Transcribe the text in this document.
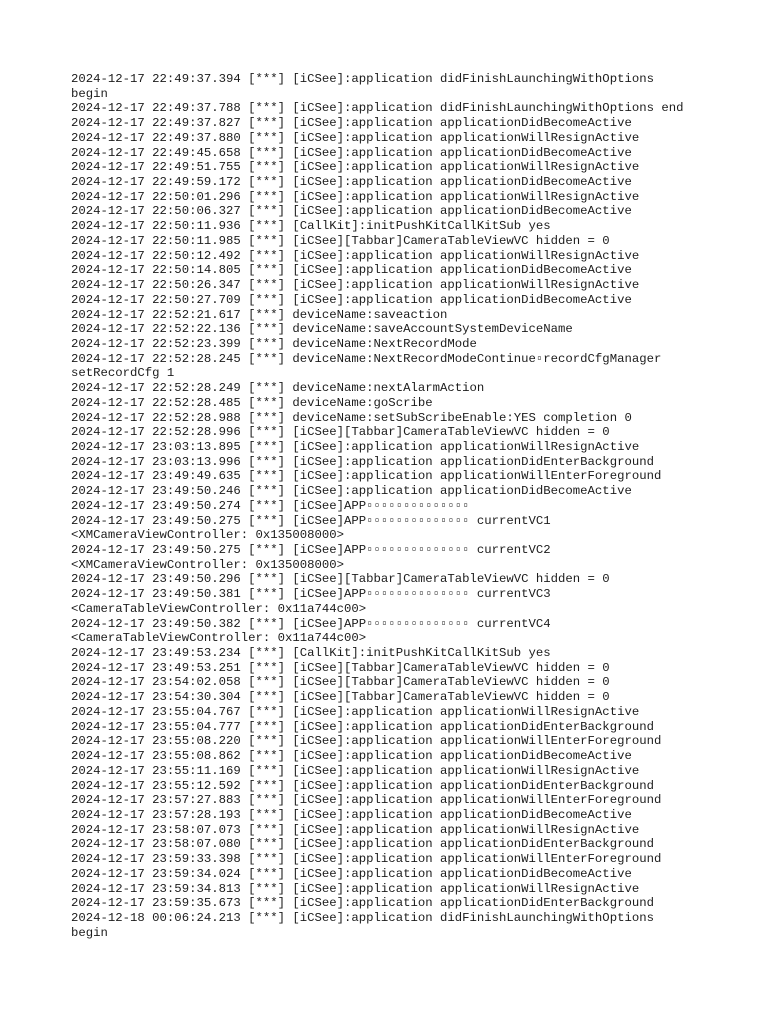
2024-12-17 22:49:37.394 [***] [iCSee]:application didFinishLaunchingWithOptions
begin
2024-12-17 22:49:37.788 [***] [iCSee]:application didFinishLaunchingWithOptions end
2024-12-17 22:49:37.827 [***] [iCSee]:application applicationDidBecomeActive
2024-12-17 22:49:37.880 [***] [iCSee]:application applicationWillResignActive
2024-12-17 22:49:45.658 [***] [iCSee]:application applicationDidBecomeActive
2024-12-17 22:49:51.755 [***] [iCSee]:application applicationWillResignActive
2024-12-17 22:49:59.172 [***] [iCSee]:application applicationDidBecomeActive
2024-12-17 22:50:01.296 [***] [iCSee]:application applicationWillResignActive
2024-12-17 22:50:06.327 [***] [iCSee]:application applicationDidBecomeActive
2024-12-17 22:50:11.936 [***] [CallKit]:initPushKitCallKitSub yes
2024-12-17 22:50:11.985 [***] [iCSee][Tabbar]CameraTableViewVC hidden = 0
2024-12-17 22:50:12.492 [***] [iCSee]:application applicationWillResignActive
2024-12-17 22:50:14.805 [***] [iCSee]:application applicationDidBecomeActive
2024-12-17 22:50:26.347 [***] [iCSee]:application applicationWillResignActive
2024-12-17 22:50:27.709 [***] [iCSee]:application applicationDidBecomeActive
2024-12-17 22:52:21.617 [***] deviceName:saveaction
2024-12-17 22:52:22.136 [***] deviceName:saveAccountSystemDeviceName
2024-12-17 22:52:23.399 [***] deviceName:NextRecordMode
2024-12-17 22:52:28.245 [***] deviceName:NextRecordModeContinue▫recordCfgManager
setRecordCfg 1
2024-12-17 22:52:28.249 [***] deviceName:nextAlarmAction
2024-12-17 22:52:28.485 [***] deviceName:goScribe
2024-12-17 22:52:28.988 [***] deviceName:setSubScribeEnable:YES completion 0
2024-12-17 22:52:28.996 [***] [iCSee][Tabbar]CameraTableViewVC hidden = 0
2024-12-17 23:03:13.895 [***] [iCSee]:application applicationWillResignActive
2024-12-17 23:03:13.996 [***] [iCSee]:application applicationDidEnterBackground
2024-12-17 23:49:49.635 [***] [iCSee]:application applicationWillEnterForeground
2024-12-17 23:49:50.246 [***] [iCSee]:application applicationDidBecomeActive
2024-12-17 23:49:50.274 [***] [iCSee]APP▫▫▫▫▫▫▫▫▫▫▫▫▫▫
2024-12-17 23:49:50.275 [***] [iCSee]APP▫▫▫▫▫▫▫▫▫▫▫▫▫▫ currentVC1
<XMCameraViewController: 0x135008000>
2024-12-17 23:49:50.275 [***] [iCSee]APP▫▫▫▫▫▫▫▫▫▫▫▫▫▫ currentVC2
<XMCameraViewController: 0x135008000>
2024-12-17 23:49:50.296 [***] [iCSee][Tabbar]CameraTableViewVC hidden = 0
2024-12-17 23:49:50.381 [***] [iCSee]APP▫▫▫▫▫▫▫▫▫▫▫▫▫▫ currentVC3
<CameraTableViewController: 0x11a744c00>
2024-12-17 23:49:50.382 [***] [iCSee]APP▫▫▫▫▫▫▫▫▫▫▫▫▫▫ currentVC4
<CameraTableViewController: 0x11a744c00>
2024-12-17 23:49:53.234 [***] [CallKit]:initPushKitCallKitSub yes
2024-12-17 23:49:53.251 [***] [iCSee][Tabbar]CameraTableViewVC hidden = 0
2024-12-17 23:54:02.058 [***] [iCSee][Tabbar]CameraTableViewVC hidden = 0
2024-12-17 23:54:30.304 [***] [iCSee][Tabbar]CameraTableViewVC hidden = 0
2024-12-17 23:55:04.767 [***] [iCSee]:application applicationWillResignActive
2024-12-17 23:55:04.777 [***] [iCSee]:application applicationDidEnterBackground
2024-12-17 23:55:08.220 [***] [iCSee]:application applicationWillEnterForeground
2024-12-17 23:55:08.862 [***] [iCSee]:application applicationDidBecomeActive
2024-12-17 23:55:11.169 [***] [iCSee]:application applicationWillResignActive
2024-12-17 23:55:12.592 [***] [iCSee]:application applicationDidEnterBackground
2024-12-17 23:57:27.883 [***] [iCSee]:application applicationWillEnterForeground
2024-12-17 23:57:28.193 [***] [iCSee]:application applicationDidBecomeActive
2024-12-17 23:58:07.073 [***] [iCSee]:application applicationWillResignActive
2024-12-17 23:58:07.080 [***] [iCSee]:application applicationDidEnterBackground
2024-12-17 23:59:33.398 [***] [iCSee]:application applicationWillEnterForeground
2024-12-17 23:59:34.024 [***] [iCSee]:application applicationDidBecomeActive
2024-12-17 23:59:34.813 [***] [iCSee]:application applicationWillResignActive
2024-12-17 23:59:35.673 [***] [iCSee]:application applicationDidEnterBackground
2024-12-18 00:06:24.213 [***] [iCSee]:application didFinishLaunchingWithOptions
begin
